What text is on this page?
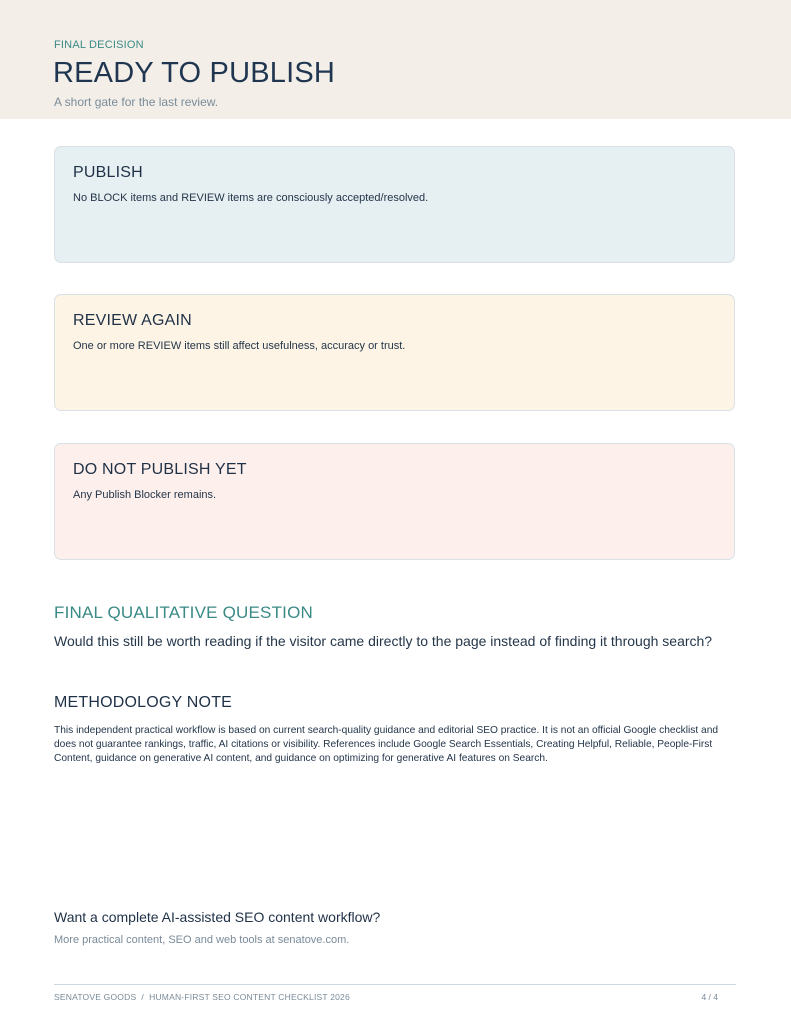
FINAL DECISION
READY TO PUBLISH
A short gate for the last review.
PUBLISH
No BLOCK items and REVIEW items are consciously accepted/resolved.
REVIEW AGAIN
One or more REVIEW items still affect usefulness, accuracy or trust.
DO NOT PUBLISH YET
Any Publish Blocker remains.
FINAL QUALITATIVE QUESTION
Would this still be worth reading if the visitor came directly to the page instead of finding it through search?
METHODOLOGY NOTE
This independent practical workflow is based on current search-quality guidance and editorial SEO practice. It is not an official Google checklist and does not guarantee rankings, traffic, AI citations or visibility. References include Google Search Essentials, Creating Helpful, Reliable, People-First Content, guidance on generative AI content, and guidance on optimizing for generative AI features on Search.
Want a complete AI-assisted SEO content workflow?
More practical content, SEO and web tools at senatove.com.
SENATOVE GOODS  /  HUMAN-FIRST SEO CONTENT CHECKLIST 2026	4 / 4
